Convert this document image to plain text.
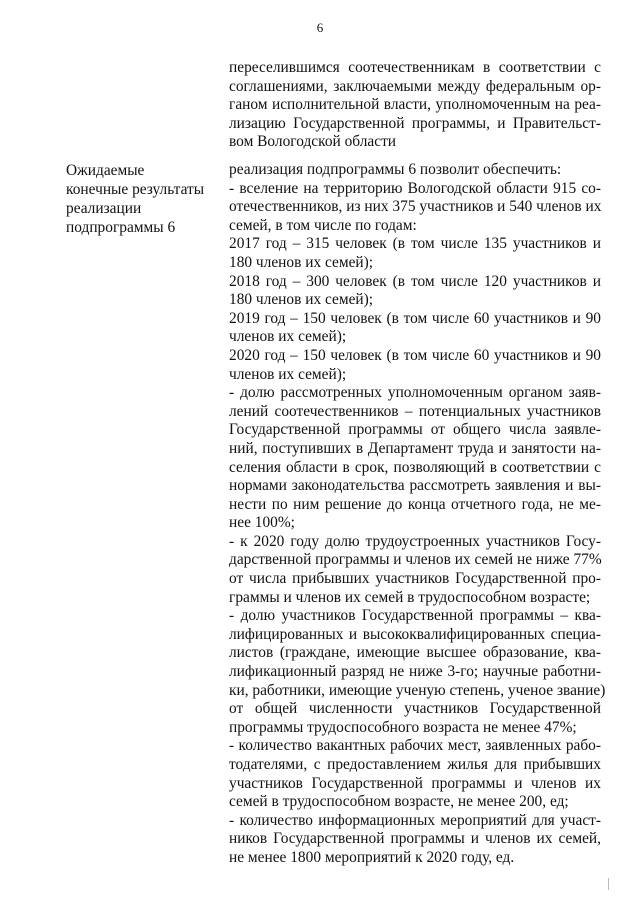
6
переселившимся соотечественникам в соответствии с
соглашениями, заключаемыми между федеральным ор-
ганом исполнительной власти, уполномоченным на реа-
лизацию Государственной программы, и Правительст-
вом Вологодской области
Ожидаемые
конечные результаты
реализации
подпрограммы 6
реализация подпрограммы 6 позволит обеспечить:
- вселение на территорию Вологодской области 915 со-
отечественников, из них 375 участников и 540 членов их
семей, в том числе по годам:
2017 год – 315 человек (в том числе 135 участников и
180 членов их семей);
2018 год – 300 человек (в том числе 120 участников и
180 членов их семей);
2019 год – 150 человек (в том числе 60 участников и 90
членов их семей);
2020 год – 150 человек (в том числе 60 участников и 90
членов их семей);
- долю рассмотренных уполномоченным органом заяв-
лений соотечественников – потенциальных участников
Государственной программы от общего числа заявле-
ний, поступивших в Департамент труда и занятости на-
селения области в срок, позволяющий в соответствии с
нормами законодательства рассмотреть заявления и вы-
нести по ним решение до конца отчетного года, не ме-
нее 100%;
- к 2020 году долю трудоустроенных участников Госу-
дарственной программы и членов их семей не ниже 77%
от числа прибывших участников Государственной про-
граммы и членов их семей в трудоспособном возрасте;
- долю участников Государственной программы – ква-
лифицированных и высококвалифицированных специа-
листов (граждане, имеющие высшее образование, ква-
лификационный разряд не ниже 3-го; научные работни-
ки, работники, имеющие ученую степень, ученое звание)
от общей численности участников Государственной
программы трудоспособного возраста не менее 47%;
- количество вакантных рабочих мест, заявленных рабо-
тодателями, с предоставлением жилья для прибывших
участников Государственной программы и членов их
семей в трудоспособном возрасте, не менее 200, ед;
- количество информационных мероприятий для участ-
ников Государственной программы и членов их семей,
не менее 1800 мероприятий к 2020 году, ед.
